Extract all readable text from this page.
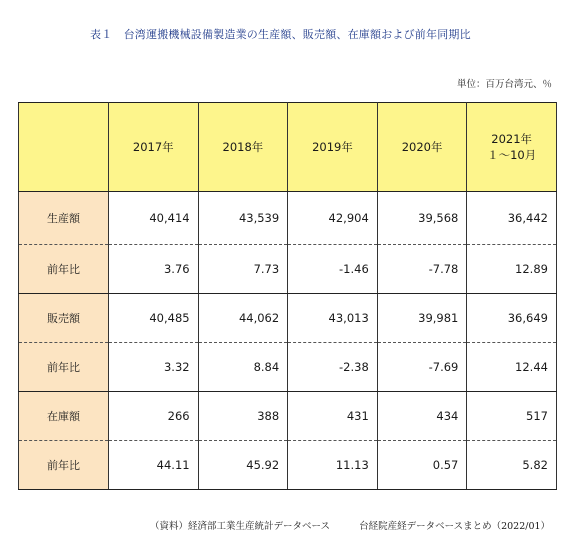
表１　台湾運搬機械設備製造業の生産額、販売額、在庫額および前年同期比
単位：百万台湾元、％
	2017年	2018年	2019年	2020年	2021年
１～10月
生産額	40,414	43,539	42,904	39,568	36,442
前年比	3.76	7.73	-1.46	-7.78	12.89
販売額	40,485	44,062	43,013	39,981	36,649
前年比	3.32	8.84	-2.38	-7.69	12.44
在庫額	266	388	431	434	517
前年比	44.11	45.92	11.13	0.57	5.82
（資料）経済部工業生産統計データベース	台経院産経データベースまとめ（2022/01）
